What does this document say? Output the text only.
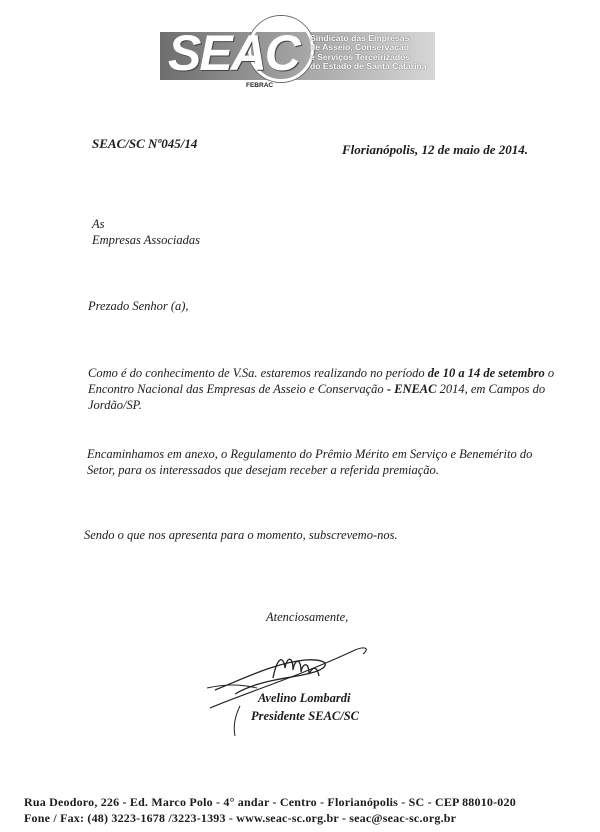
SEAC Sindicato das Empresas
de Asseio, Conservação
e Serviços Terceirizados
do Estado de Santa Catarina
FEBRAC
SEAC/SC Nº045/14	Florianópolis, 12 de maio de 2014.
As
Empresas Associadas
Prezado Senhor (a),
Como é do conhecimento de V.Sa. estaremos realizando no período de 10 a 14 de setembro o Encontro Nacional das Empresas de Asseio e Conservação - ENEAC 2014, em Campos do Jordão/SP.
Encaminhamos em anexo, o Regulamento do Prêmio Mérito em Serviço e Benemérito do Setor, para os interessados que desejam receber a referida premiação.
Sendo o que nos apresenta para o momento, subscrevemo-nos.
Atenciosamente,
Avelino Lombardi
Presidente SEAC/SC
Rua Deodoro, 226 - Ed. Marco Polo - 4° andar - Centro - Florianópolis - SC - CEP 88010-020
Fone / Fax: (48) 3223-1678 /3223-1393 - www.seac-sc.org.br - seac@seac-sc.org.br
